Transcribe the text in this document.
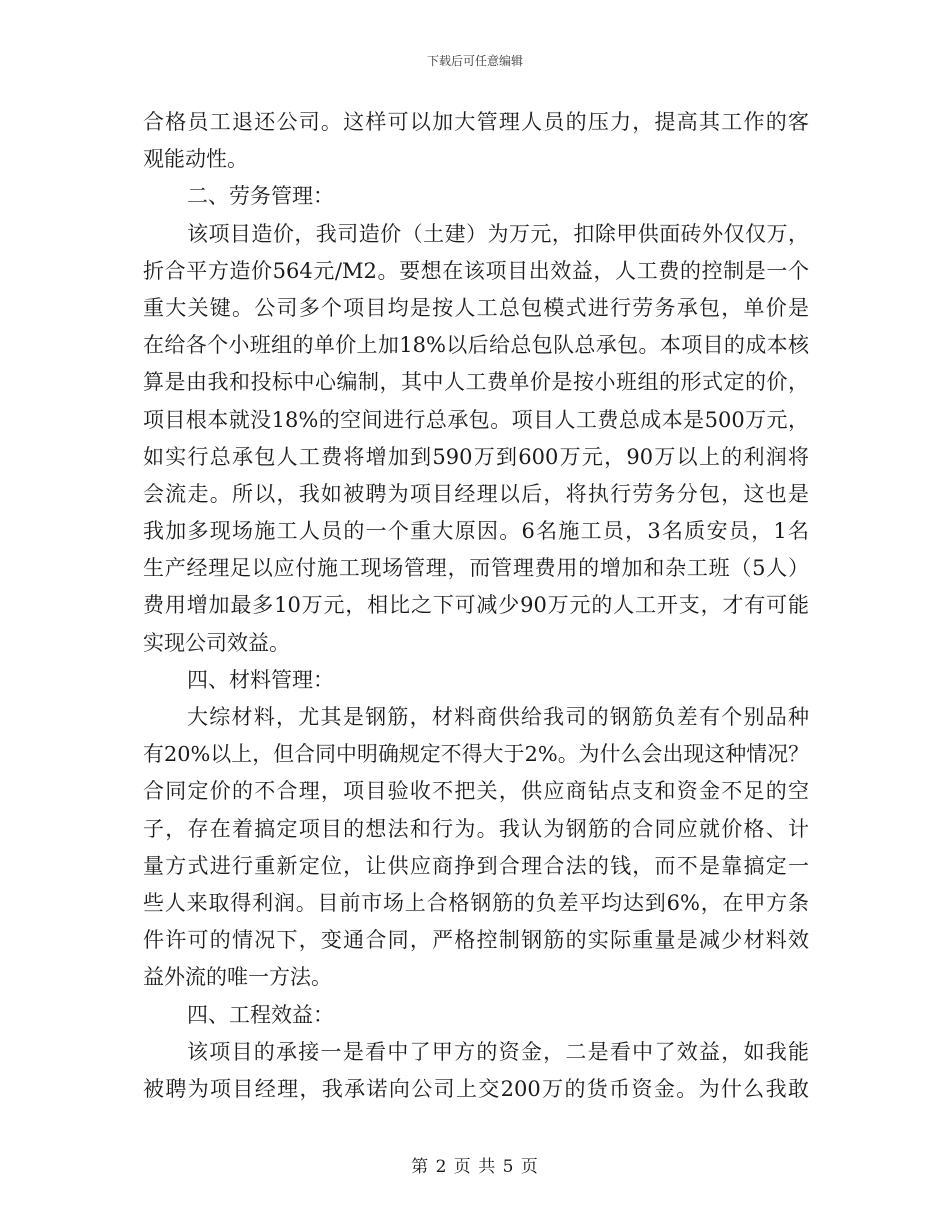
下载后可任意编辑
合格员工退还公司。这样可以加大管理人员的压力，提高其工作的客
观能动性。
二、劳务管理：
该项目造价，我司造价（土建）为万元，扣除甲供面砖外仅仅万，
折合平方造价564元/M2。要想在该项目出效益，人工费的控制是一个
重大关键。公司多个项目均是按人工总包模式进行劳务承包，单价是
在给各个小班组的单价上加18%以后给总包队总承包。本项目的成本核
算是由我和投标中心编制，其中人工费单价是按小班组的形式定的价，
项目根本就没18%的空间进行总承包。项目人工费总成本是500万元，
如实行总承包人工费将增加到590万到600万元，90万以上的利润将
会流走。所以，我如被聘为项目经理以后，将执行劳务分包，这也是
我加多现场施工人员的一个重大原因。6名施工员，3名质安员，1名
生产经理足以应付施工现场管理，而管理费用的增加和杂工班（5人）
费用增加最多10万元，相比之下可减少90万元的人工开支，才有可能
实现公司效益。
四、材料管理：
大综材料，尤其是钢筋，材料商供给我司的钢筋负差有个别品种
有20%以上，但合同中明确规定不得大于2%。为什么会出现这种情况？
合同定价的不合理，项目验收不把关，供应商钻点支和资金不足的空
子，存在着搞定项目的想法和行为。我认为钢筋的合同应就价格、计
量方式进行重新定位，让供应商挣到合理合法的钱，而不是靠搞定一
些人来取得利润。目前市场上合格钢筋的负差平均达到6%，在甲方条
件许可的情况下，变通合同，严格控制钢筋的实际重量是减少材料效
益外流的唯一方法。
四、工程效益：
该项目的承接一是看中了甲方的资金，二是看中了效益，如我能
被聘为项目经理，我承诺向公司上交200万的货币资金。为什么我敢
第 2 页 共 5 页
